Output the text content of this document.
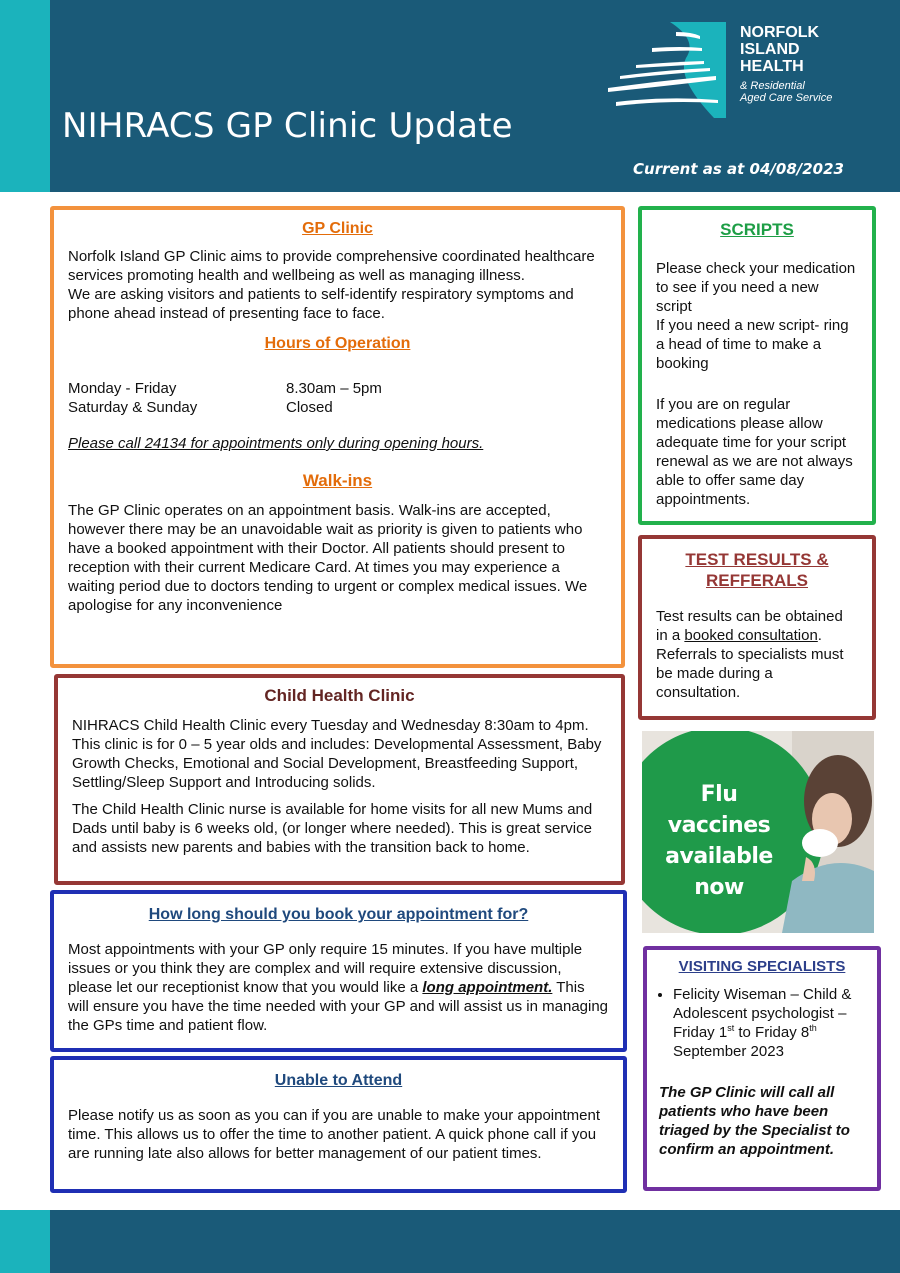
NORFOLK
ISLAND
HEALTH
& Residential
Aged Care Service
NIHRACS GP Clinic Update
Current as at 04/08/2023
GP Clinic

Norfolk Island GP Clinic aims to provide comprehensive coordinated healthcare services promoting health and wellbeing as well as managing illness.

We are asking visitors and patients to self-identify respiratory symptoms and phone ahead instead of presenting face to face.

Hours of Operation
Monday - Friday	8.30am – 5pm
Saturday & Sunday	Closed

Please call 24134 for appointments only during opening hours.

Walk-ins

The GP Clinic operates on an appointment basis. Walk-ins are accepted, however there may be an unavoidable wait as priority is given to patients who have a booked appointment with their Doctor. All patients should present to reception with their current Medicare Card. At times you may experience a waiting period due to doctors tending to urgent or complex medical issues. We apologise for any inconvenience

Child Health Clinic

NIHRACS Child Health Clinic every Tuesday and Wednesday 8:30am to 4pm. This clinic is for 0 – 5 year olds and includes: Developmental Assessment, Baby Growth Checks, Emotional and Social Development, Breastfeeding Support, Settling/Sleep Support and Introducing solids.

The Child Health Clinic nurse is available for home visits for all new Mums and Dads until baby is 6 weeks old, (or longer where needed). This is great service and assists new parents and babies with the transition back to home.

How long should you book your appointment for?

Most appointments with your GP only require 15 minutes. If you have multiple issues or you think they are complex and will require extensive discussion, please let our receptionist know that you would like a long appointment. This will ensure you have the time needed with your GP and will assist us in managing the GPs time and patient flow.

Unable to Attend

Please notify us as soon as you can if you are unable to make your appointment time. This allows us to offer the time to another patient. A quick phone call if you are running late also allows for better management of our patient times.

SCRIPTS

Please check your medication to see if you need a new script

If you need a new script- ring a head of time to make a booking

If you are on regular medications please allow adequate time for your script renewal as we are not always able to offer same day appointments.

TEST RESULTS & REFFERALS

Test results can be obtained in a booked consultation. Referrals to specialists must be made during a consultation.

Flu vaccines
available
now
VISITING SPECIALISTS
• Felicity Wiseman – Child & Adolescent psychologist – Friday 1st to Friday 8th September 2023

The GP Clinic will call all patients who have been triaged by the Specialist to confirm an appointment.
